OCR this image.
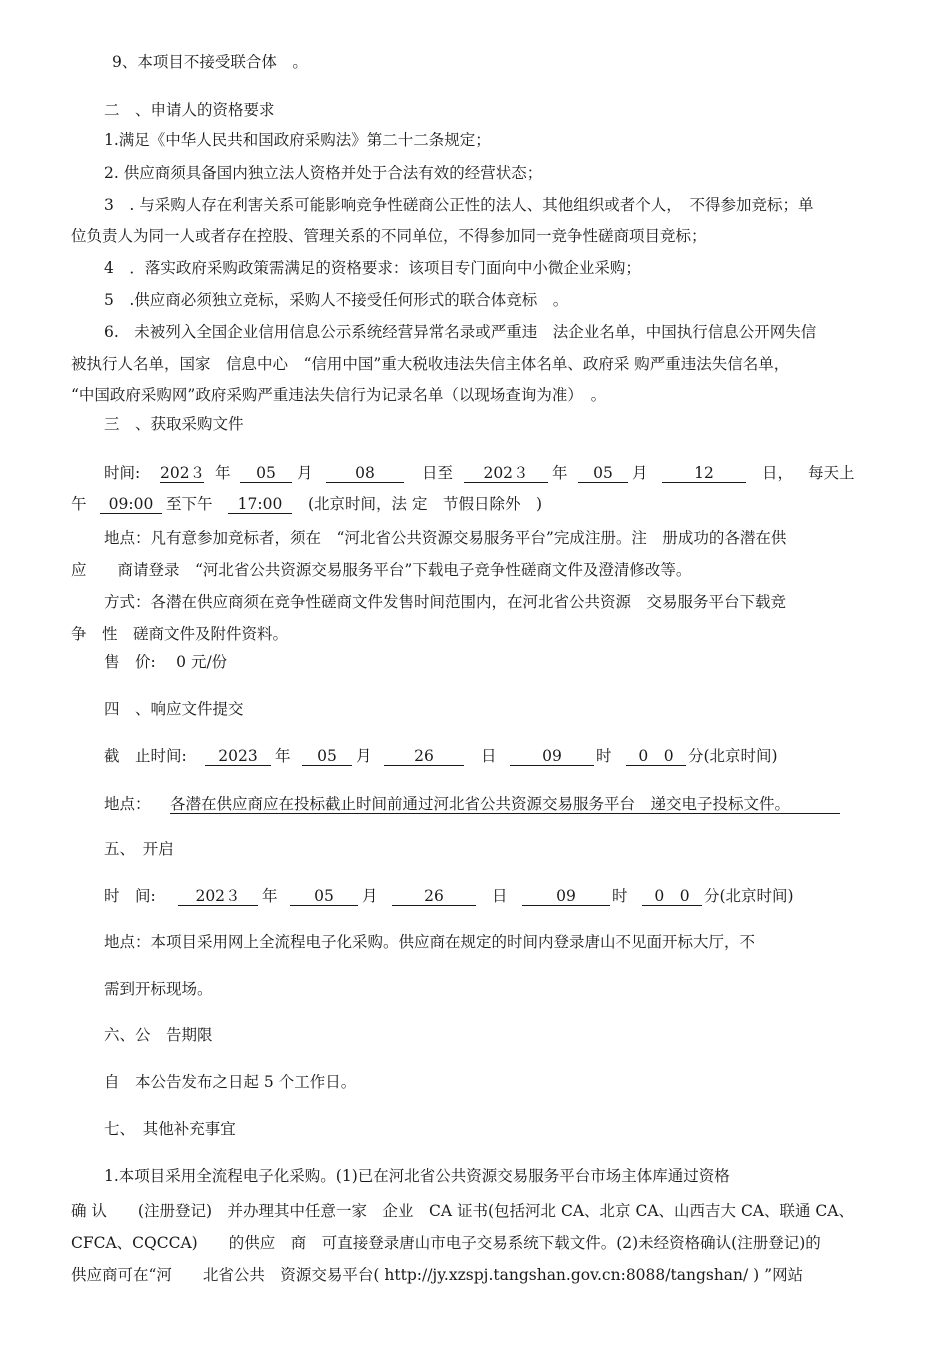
9、本项目不接受联合体　。
二　、申请人的资格要求
1.满足《中华人民共和国政府采购法》第二十二条规定；
2. 供应商须具备国内独立法人资格并处于合法有效的经营状态；
3　. 与采购人存在利害关系可能影响竞争性磋商公正性的法人、其他组织或者个人，　不得参加竞标；单
位负责人为同一人或者存在控股、管理关系的不同单位，不得参加同一竞争性磋商项目竞标；
4　．落实政府采购政策需满足的资格要求：该项目专门面向中小微企业采购；
5　.供应商必须独立竞标，采购人不接受任何形式的联合体竞标　。
6.　未被列入全国企业信用信息公示系统经营异常名录或严重违　法企业名单，中国执行信息公开网失信
被执行人名单，国家　信息中心　“信用中国”重大税收违法失信主体名单、政府采 购严重违法失信名单，
“中国政府采购网”政府采购严重违法失信行为记录名单（以现场查询为准）　。
三　、获取采购文件
时间: 202３ 年	05	月	08	日至	202３	年	05	月	12	日， 每天上
午	09:00 至下午	17:00	(北京时间，法 定　节假日除外　)
地点：凡有意参加竞标者，须在　“河北省公共资源交易服务平台”完成注册。注　册成功的各潜在供
应　　商请登录　“河北省公共资源交易服务平台”下载电子竞争性磋商文件及澄清修改等。
方式：各潜在供应商须在竞争性磋商文件发售时间范围内，在河北省公共资源　交易服务平台下载竞
争　性　磋商文件及附件资料。
售　价:　 0 元/份
四　、响应文件提交
截　止时间:	2023	年	05	月	26	日	09	时	0　0 分(北京时间)
地点： 各潜在供应商应在投标截止时间前通过河北省公共资源交易服务平台　递交电子投标文件。
五、　开启
时　间:	202３	年	05	月	26	日	09	时	0　0 分(北京时间)
地点：本项目采用网上全流程电子化采购。供应商在规定的时间内登录唐山不见面开标大厅，不
需到开标现场。
六、公　告期限
自　本公告发布之日起 5 个工作日。
七、　其他补充事宜
1.本项目采用全流程电子化采购。(1)已在河北省公共资源交易服务平台市场主体库通过资格
确 认　　(注册登记)　并办理其中任意一家　企业　CA 证书(包括河北 CA、北京 CA、山西吉大 CA、联通 CA、
CFCA、CQCCA)　　的供应　商　可直接登录唐山市电子交易系统下载文件。(2)未经资格确认(注册登记)的
供应商可在“河　　北省公共　资源交易平台( http://jy.xzspj.tangshan.gov.cn:8088/tangshan/ ) ”网站
